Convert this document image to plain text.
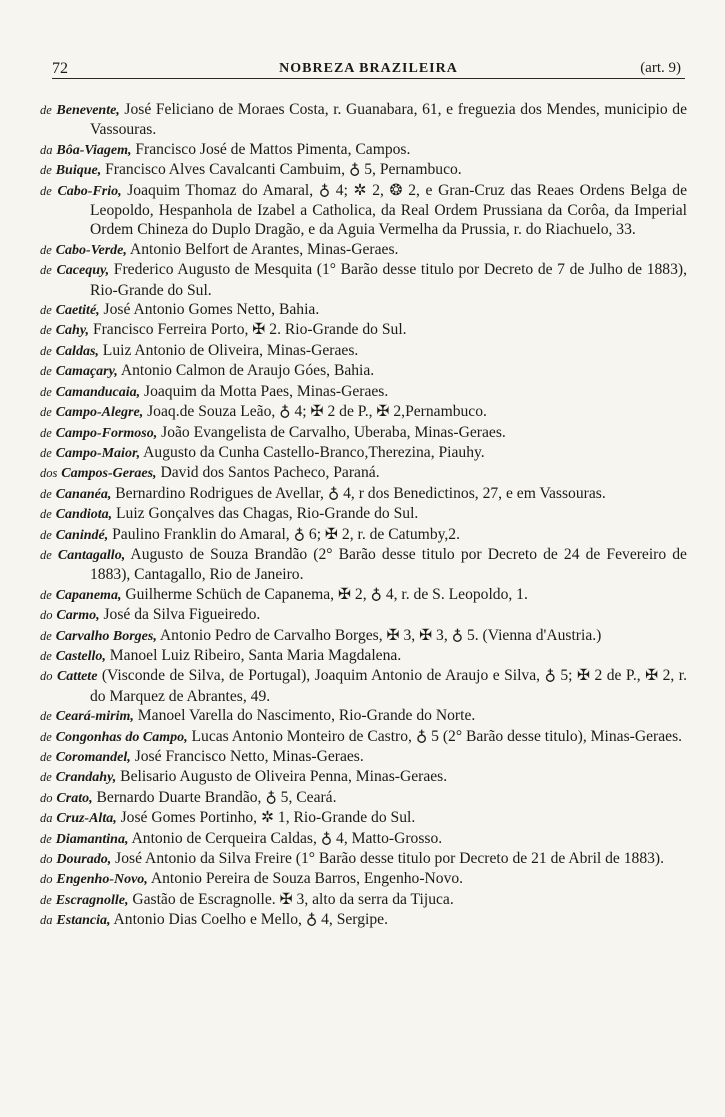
72	NOBREZA BRAZILEIRA	(art. 9)

de Benevente, José Feliciano de Moraes Costa, r. Guanabara, 61, e freguezia dos Mendes, municipio de Vassouras.

da Bôa-Viagem, Francisco José de Mattos Pimenta, Campos.

de Buique, Francisco Alves Cavalcanti Cambuim, ♁ 5, Pernambuco.

de Cabo-Frio, Joaquim Thomaz do Amaral, ♁ 4; ✲ 2, ❂ 2, e Gran-Cruz das Reaes Ordens Belga de Leopoldo, Hespanhola de Izabel a Catholica, da Real Ordem Prussiana da Corôa, da Imperial Ordem Chineza do Duplo Dragão, e da Aguia Vermelha da Prussia, r. do Riachuelo, 33.

de Cabo-Verde, Antonio Belfort de Arantes, Minas-Geraes.

de Cacequy, Frederico Augusto de Mesquita (1° Barão desse titulo por Decreto de 7 de Julho de 1883), Rio-Grande do Sul.

de Caetité, José Antonio Gomes Netto, Bahia.

de Cahy, Francisco Ferreira Porto, ✠ 2. Rio-Grande do Sul.

de Caldas, Luiz Antonio de Oliveira, Minas-Geraes.

de Camaçary, Antonio Calmon de Araujo Góes, Bahia.

de Camanducaia, Joaquim da Motta Paes, Minas-Geraes.

de Campo-Alegre, Joaq.de Souza Leão, ♁ 4; ✠ 2 de P., ✠ 2,Pernambuco.

de Campo-Formoso, João Evangelista de Carvalho, Uberaba, Minas-Geraes.

de Campo-Maior, Augusto da Cunha Castello-Branco,Therezina, Piauhy.

dos Campos-Geraes, David dos Santos Pacheco, Paraná.

de Cananéa, Bernardino Rodrigues de Avellar, ♁ 4, r dos Benedictinos, 27, e em Vassouras.

de Candiota, Luiz Gonçalves das Chagas, Rio-Grande do Sul.

de Canindé, Paulino Franklin do Amaral, ♁ 6; ✠ 2, r. de Catumby,2.

de Cantagallo, Augusto de Souza Brandão (2° Barão desse titulo por Decreto de 24 de Fevereiro de 1883), Cantagallo, Rio de Janeiro.

de Capanema, Guilherme Schüch de Capanema, ✠ 2, ♁ 4, r. de S. Leopoldo, 1.

do Carmo, José da Silva Figueiredo.

de Carvalho Borges, Antonio Pedro de Carvalho Borges, ✠ 3, ✠ 3, ♁ 5. (Vienna d'Austria.)

de Castello, Manoel Luiz Ribeiro, Santa Maria Magdalena.

do Cattete (Visconde de Silva, de Portugal), Joaquim Antonio de Araujo e Silva, ♁ 5; ✠ 2 de P., ✠ 2, r. do Marquez de Abrantes, 49.

de Ceará-mirim, Manoel Varella do Nascimento, Rio-Grande do Norte.

de Congonhas do Campo, Lucas Antonio Monteiro de Castro, ♁ 5 (2° Barão desse titulo), Minas-Geraes.

de Coromandel, José Francisco Netto, Minas-Geraes.

de Crandahy, Belisario Augusto de Oliveira Penna, Minas-Geraes.

do Crato, Bernardo Duarte Brandão, ♁ 5, Ceará.

da Cruz-Alta, José Gomes Portinho, ✲ 1, Rio-Grande do Sul.

de Diamantina, Antonio de Cerqueira Caldas, ♁ 4, Matto-Grosso.

do Dourado, José Antonio da Silva Freire (1° Barão desse titulo por Decreto de 21 de Abril de 1883).

do Engenho-Novo, Antonio Pereira de Souza Barros, Engenho-Novo.

de Escragnolle, Gastão de Escragnolle. ✠ 3, alto da serra da Tijuca.

da Estancia, Antonio Dias Coelho e Mello, ♁ 4, Sergipe.
